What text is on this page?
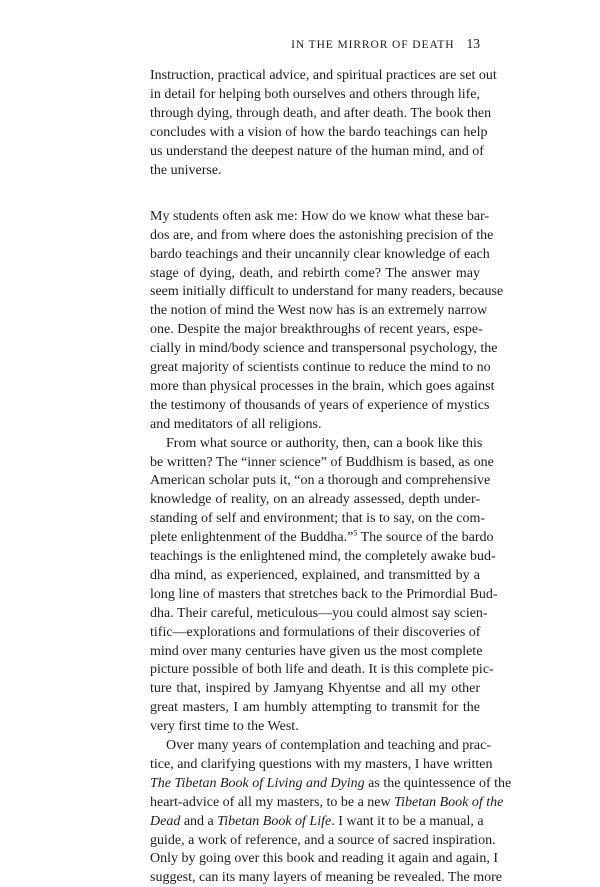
IN THE MIRROR OF DEATH 13
Instruction, practical advice, and spiritual practices are set out
in detail for helping both ourselves and others through life,
through dying, through death, and after death. The book then
concludes with a vision of how the bardo teachings can help
us understand the deepest nature of the human mind, and of
the universe.
My students often ask me: How do we know what these bar-
dos are, and from where does the astonishing precision of the
bardo teachings and their uncannily clear knowledge of each
stage of dying, death, and rebirth come? The answer may
seem initially difficult to understand for many readers, because
the notion of mind the West now has is an extremely narrow
one. Despite the major breakthroughs of recent years, espe-
cially in mind/body science and transpersonal psychology, the
great majority of scientists continue to reduce the mind to no
more than physical processes in the brain, which goes against
the testimony of thousands of years of experience of mystics
and meditators of all religions.
From what source or authority, then, can a book like this
be written? The “inner science” of Buddhism is based, as one
American scholar puts it, “on a thorough and comprehensive
knowledge of reality, on an already assessed, depth under-
standing of self and environment; that is to say, on the com-
plete enlightenment of the Buddha.”$^5$ The source of the bardo
teachings is the enlightened mind, the completely awake bud-
dha mind, as experienced, explained, and transmitted by a
long line of masters that stretches back to the Primordial Bud-
dha. Their careful, meticulous—you could almost say scien-
tific—explorations and formulations of their discoveries of
mind over many centuries have given us the most complete
picture possible of both life and death. It is this complete pic-
ture that, inspired by Jamyang Khyentse and all my other
great masters, I am humbly attempting to transmit for the
very first time to the West.
Over many years of contemplation and teaching and prac-
tice, and clarifying questions with my masters, I have written
The Tibetan Book of Living and Dying as the quintessence of the
heart-advice of all my masters, to be a new Tibetan Book of the
Dead and a Tibetan Book of Life. I want it to be a manual, a
guide, a work of reference, and a source of sacred inspiration.
Only by going over this book and reading it again and again, I
suggest, can its many layers of meaning be revealed. The more
